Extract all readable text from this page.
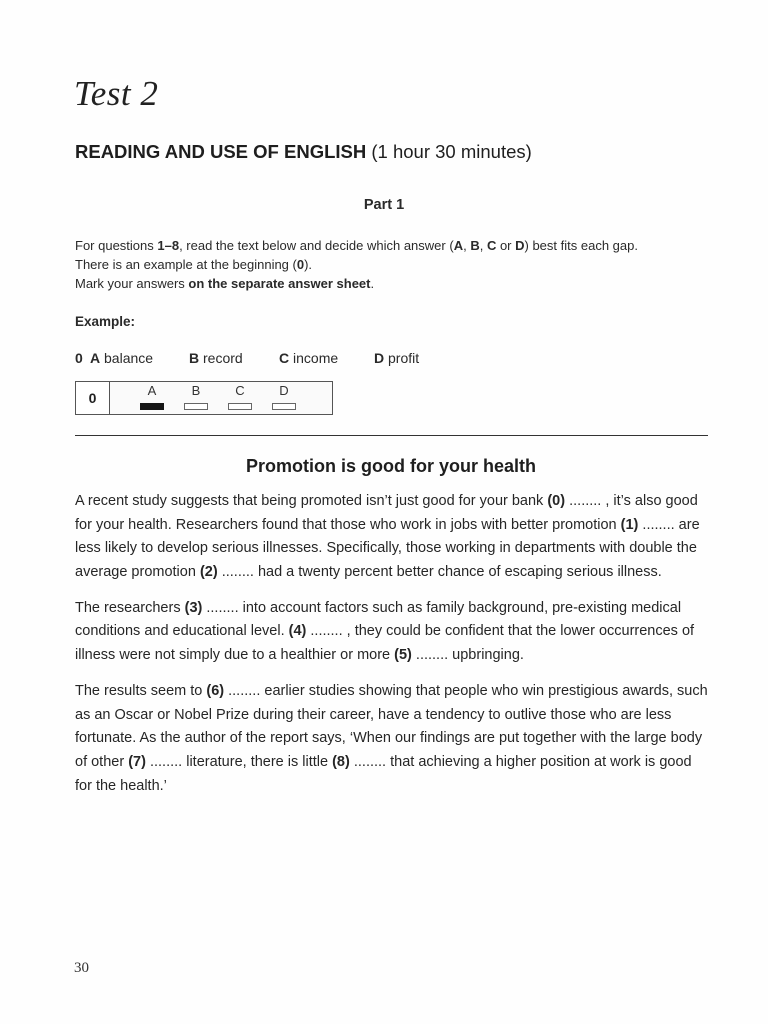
Test 2
READING AND USE OF ENGLISH (1 hour 30 minutes)
Part 1
For questions 1–8, read the text below and decide which answer (A, B, C or D) best fits each gap.
There is an example at the beginning (0).
Mark your answers on the separate answer sheet.
Example:
0 A balance	B record	C income	D profit
0	A	B	C	D
Promotion is good for your health

A recent study suggests that being promoted isn’t just good for your bank (0) ........ , it’s also good for your health. Researchers found that those who work in jobs with better promotion (1) ........ are less likely to develop serious illnesses. Specifically, those working in departments with double the average promotion (2) ........ had a twenty percent better chance of escaping serious illness.

The researchers (3) ........ into account factors such as family background, pre-existing medical conditions and educational level. (4) ........ , they could be confident that the lower occurrences of illness were not simply due to a healthier or more (5) ........ upbringing.

The results seem to (6) ........ earlier studies showing that people who win prestigious awards, such as an Oscar or Nobel Prize during their career, have a tendency to outlive those who are less fortunate. As the author of the report says, ‘When our findings are put together with the large body of other (7) ........ literature, there is little (8) ........ that achieving a higher position at work is good for the health.’

30
